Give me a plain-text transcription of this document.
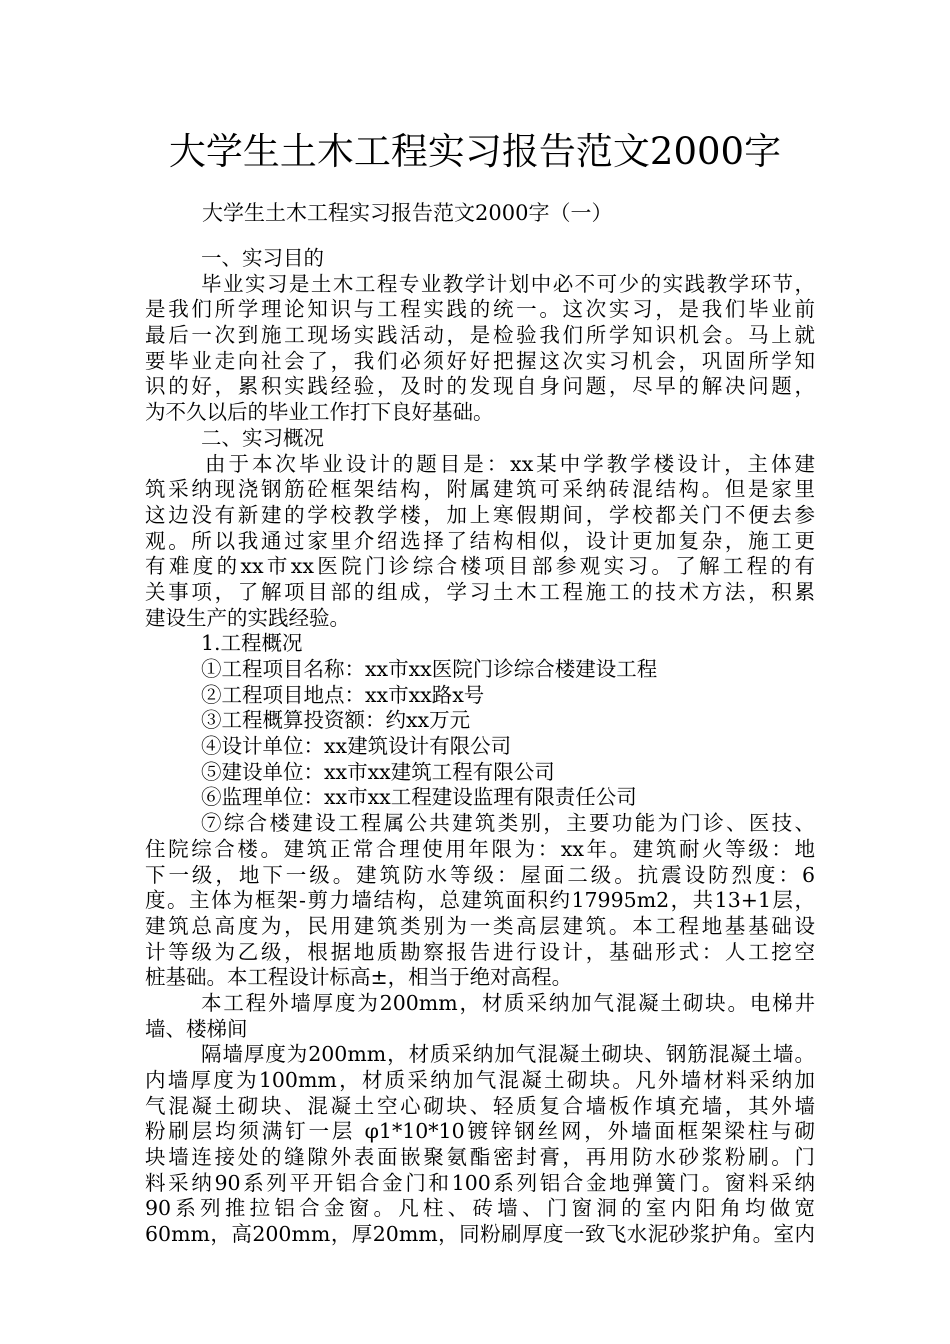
大学生土木工程实习报告范文2000字
大学生土木工程实习报告范文2000字（一）
一、实习目的
毕业实习是土木工程专业教学计划中必不可少的实践教学环节，
是我们所学理论知识与工程实践的统一。这次实习，是我们毕业前
最后一次到施工现场实践活动，是检验我们所学知识机会。马上就
要毕业走向社会了，我们必须好好把握这次实习机会，巩固所学知
识的好，累积实践经验，及时的发现自身问题，尽早的解决问题，
为不久以后的毕业工作打下良好基础。
二、实习概况
由于本次毕业设计的题目是：xx某中学教学楼设计，主体建
筑采纳现浇钢筋砼框架结构，附属建筑可采纳砖混结构。但是家里
这边没有新建的学校教学楼，加上寒假期间，学校都关门不便去参
观。所以我通过家里介绍选择了结构相似，设计更加复杂，施工更
有难度的xx市xx医院门诊综合楼项目部参观实习。了解工程的有
关事项，了解项目部的组成，学习土木工程施工的技术方法，积累
建设生产的实践经验。
1.工程概况
①工程项目名称：xx市xx医院门诊综合楼建设工程
②工程项目地点：xx市xx路x号
③工程概算投资额：约xx万元
④设计单位：xx建筑设计有限公司
⑤建设单位：xx市xx建筑工程有限公司
⑥监理单位：xx市xx工程建设监理有限责任公司
⑦综合楼建设工程属公共建筑类别，主要功能为门诊、医技、
住院综合楼。建筑正常合理使用年限为：xx年。建筑耐火等级：地
下一级，地下一级。建筑防水等级：屋面二级。抗震设防烈度：6
度。主体为框架-剪力墙结构，总建筑面积约17995m2，共13+1层，
建筑总高度为，民用建筑类别为一类高层建筑。本工程地基基础设
计等级为乙级，根据地质勘察报告进行设计，基础形式：人工挖空
桩基础。本工程设计标高±，相当于绝对高程。
本工程外墙厚度为200mm，材质采纳加气混凝土砌块。电梯井
墙、楼梯间
隔墙厚度为200mm，材质采纳加气混凝土砌块、钢筋混凝土墙。
内墙厚度为100mm，材质采纳加气混凝土砌块。凡外墙材料采纳加
气混凝土砌块、混凝土空心砌块、轻质复合墙板作填充墙，其外墙
粉刷层均须满钉一层 φ1*10*10镀锌钢丝网，外墙面框架梁柱与砌
块墙连接处的缝隙外表面嵌聚氨酯密封膏，再用防水砂浆粉刷。门
料采纳90系列平开铝合金门和100系列铝合金地弹簧门。窗料采纳
90系列推拉铝合金窗。凡柱、砖墙、门窗洞的室内阳角均做宽
60mm，高200mm，厚20mm，同粉刷厚度一致飞水泥砂浆护角。室内
